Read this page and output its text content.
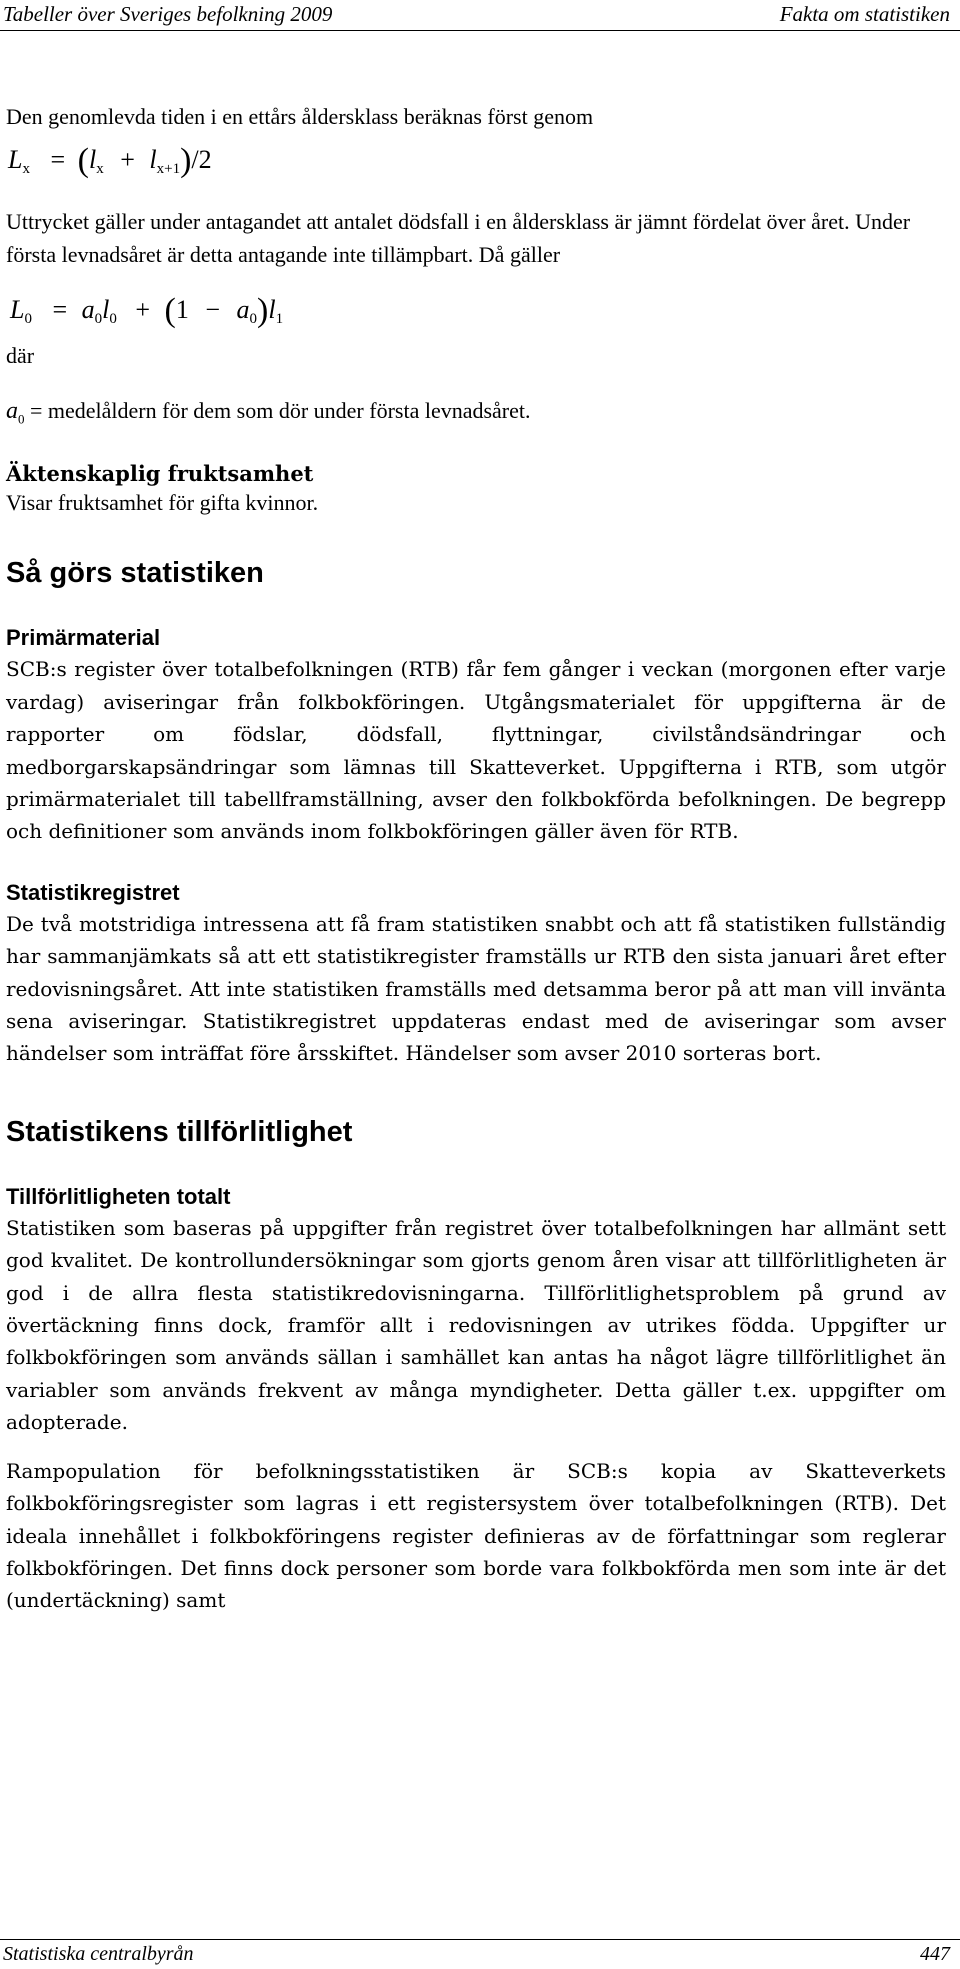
Tabeller över Sveriges befolkning 2009	Fakta om statistiken

Den genomlevda tiden i en ettårs åldersklass beräknas först genom

$L_x = (l_x + l_{x+1})/2$

Uttrycket gäller under antagandet att antalet dödsfall i en åldersklass är jämnt fördelat över året. Under första levnadsåret är detta antagande inte tillämpbart. Då gäller

$L_0 = a_0l_0 + (1 - a_0)l_1$

där

$a_0$ = medelåldern för dem som dör under första levnadsåret.

Äktenskaplig fruktsamhet

Visar fruktsamhet för gifta kvinnor.

Så görs statistiken
Primärmaterial

SCB:s register över totalbefolkningen (RTB) får fem gånger i veckan (morgonen efter varje vardag) aviseringar från folkbokföringen. Utgångsmaterialet för uppgifterna är de rapporter om födslar, dödsfall, flyttningar, civilståndsändringar och medborgarskapsändringar som lämnas till Skatteverket. Uppgifterna i RTB, som utgör primärmaterialet till tabellframställning, avser den folkbokförda befolkningen. De begrepp och definitioner som används inom folkbokföringen gäller även för RTB.

Statistikregistret

De två motstridiga intressena att få fram statistiken snabbt och att få statistiken fullständig har sammanjämkats så att ett statistikregister framställs ur RTB den sista januari året efter redovisningsåret. Att inte statistiken framställs med detsamma beror på att man vill invänta sena aviseringar. Statistikregistret uppdateras endast med de aviseringar som avser händelser som inträffat före årsskiftet. Händelser som avser 2010 sorteras bort.

Statistikens tillförlitlighet
Tillförlitligheten totalt

Statistiken som baseras på uppgifter från registret över totalbefolkningen har allmänt sett god kvalitet. De kontrollundersökningar som gjorts genom åren visar att tillförlitligheten är god i de allra flesta statistikredovisningarna. Tillförlitlighetsproblem på grund av övertäckning finns dock, framför allt i redovisningen av utrikes födda. Uppgifter ur folkbokföringen som används sällan i samhället kan antas ha något lägre tillförlitlighet än variabler som används frekvent av många myndigheter. Detta gäller t.ex. uppgifter om adopterade.

Rampopulation för befolkningsstatistiken är SCB:s kopia av Skatteverkets folkbokföringsregister som lagras i ett registersystem över totalbefolkningen (RTB). Det ideala innehållet i folkbokföringens register definieras av de författningar som reglerar folkbokföringen. Det finns dock personer som borde vara folkbokförda men som inte är det (undertäckning) samt

Statistiska centralbyrån	447
